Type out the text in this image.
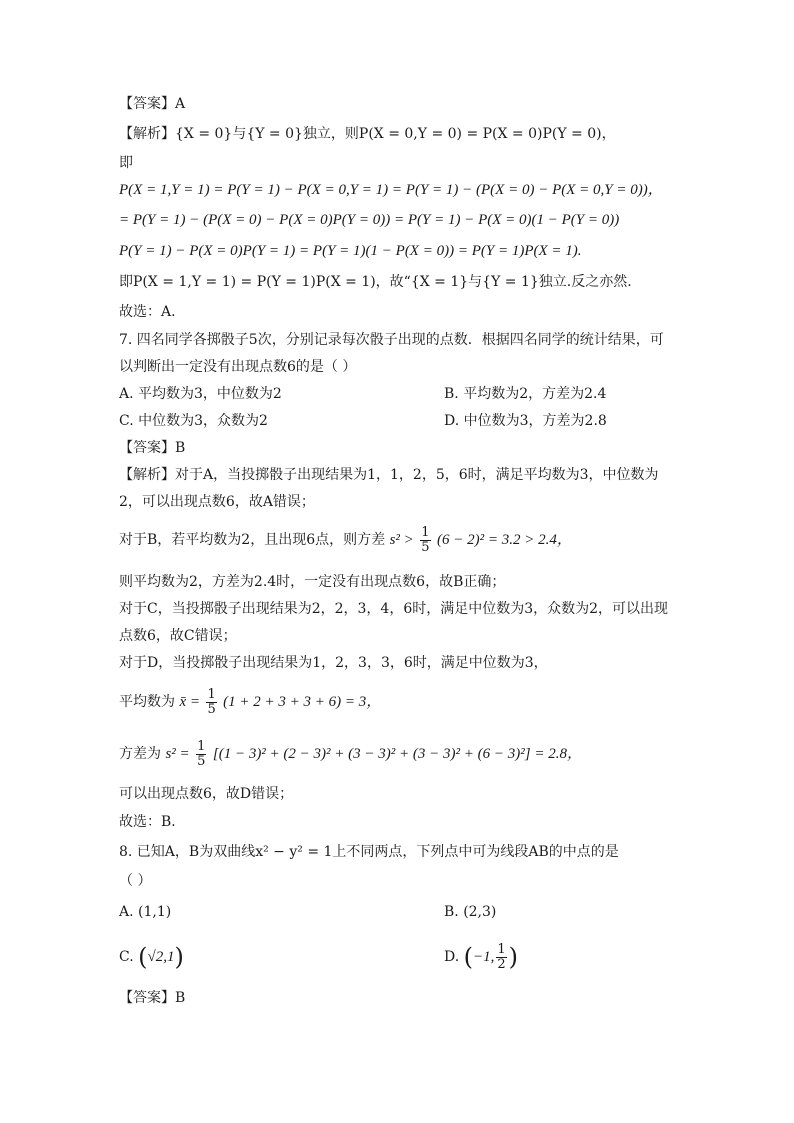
【答案】A
【解析】{X = 0}与{Y = 0}独立，则P(X = 0,Y = 0) = P(X = 0)P(Y = 0)，
即
P(X = 1,Y = 1) = P(Y = 1) − P(X = 0,Y = 1) = P(Y = 1) − (P(X = 0) − P(X = 0,Y = 0))，
= P(Y = 1) − (P(X = 0) − P(X = 0)P(Y = 0)) = P(Y = 1) − P(X = 0)(1 − P(Y = 0))
P(Y = 1) − P(X = 0)P(Y = 1) = P(Y = 1)(1 − P(X = 0)) = P(Y = 1)P(X = 1).
即P(X = 1,Y = 1) = P(Y = 1)P(X = 1)，故“{X = 1}与{Y = 1}独立.反之亦然.
故选：A.
7. 四名同学各掷骰子5次，分别记录每次骰子出现的点数．根据四名同学的统计结果，可
以判断出一定没有出现点数6的是（ ）
A. 平均数为3，中位数为2	B. 平均数为2，方差为2.4
C. 中位数为3，众数为2	D. 中位数为3，方差为2.8
【答案】B
【解析】对于A，当投掷骰子出现结果为1，1，2，5，6时，满足平均数为3，中位数为
2，可以出现点数6，故A错误；
对于B，若平均数为2，且出现6点，则方差 $s^2 > \frac{1}{5} (6 - 2)^2 = 3.2 > 2.4$，
则平均数为2，方差为2.4时，一定没有出现点数6，故B正确；
对于C，当投掷骰子出现结果为2，2，3，4，6时，满足中位数为3，众数为2，可以出现
点数6，故C错误；
对于D，当投掷骰子出现结果为1，2，3，3，6时，满足中位数为3，
平均数为 x̄ = $\frac{1}{5} (1 + 2 + 3 + 3 + 6) = 3$，
方差为 $s^2 = \frac{1}{5} [(1 - 3)^2 + (2 - 3)^2 + (3 - 3)^2 + (3 - 3)^2 + (6 - 3)^2] = 2.8$，
可以出现点数6，故D错误；
故选：B．
8. 已知A，B为双曲线x² − y² = 1上不同两点，下列点中可为线段AB的中点的是
（ ）
A. (1,1)	B. (2,3)
C. (√2,1)	D. (−1, $\frac{1}{2}$ )
【答案】B
